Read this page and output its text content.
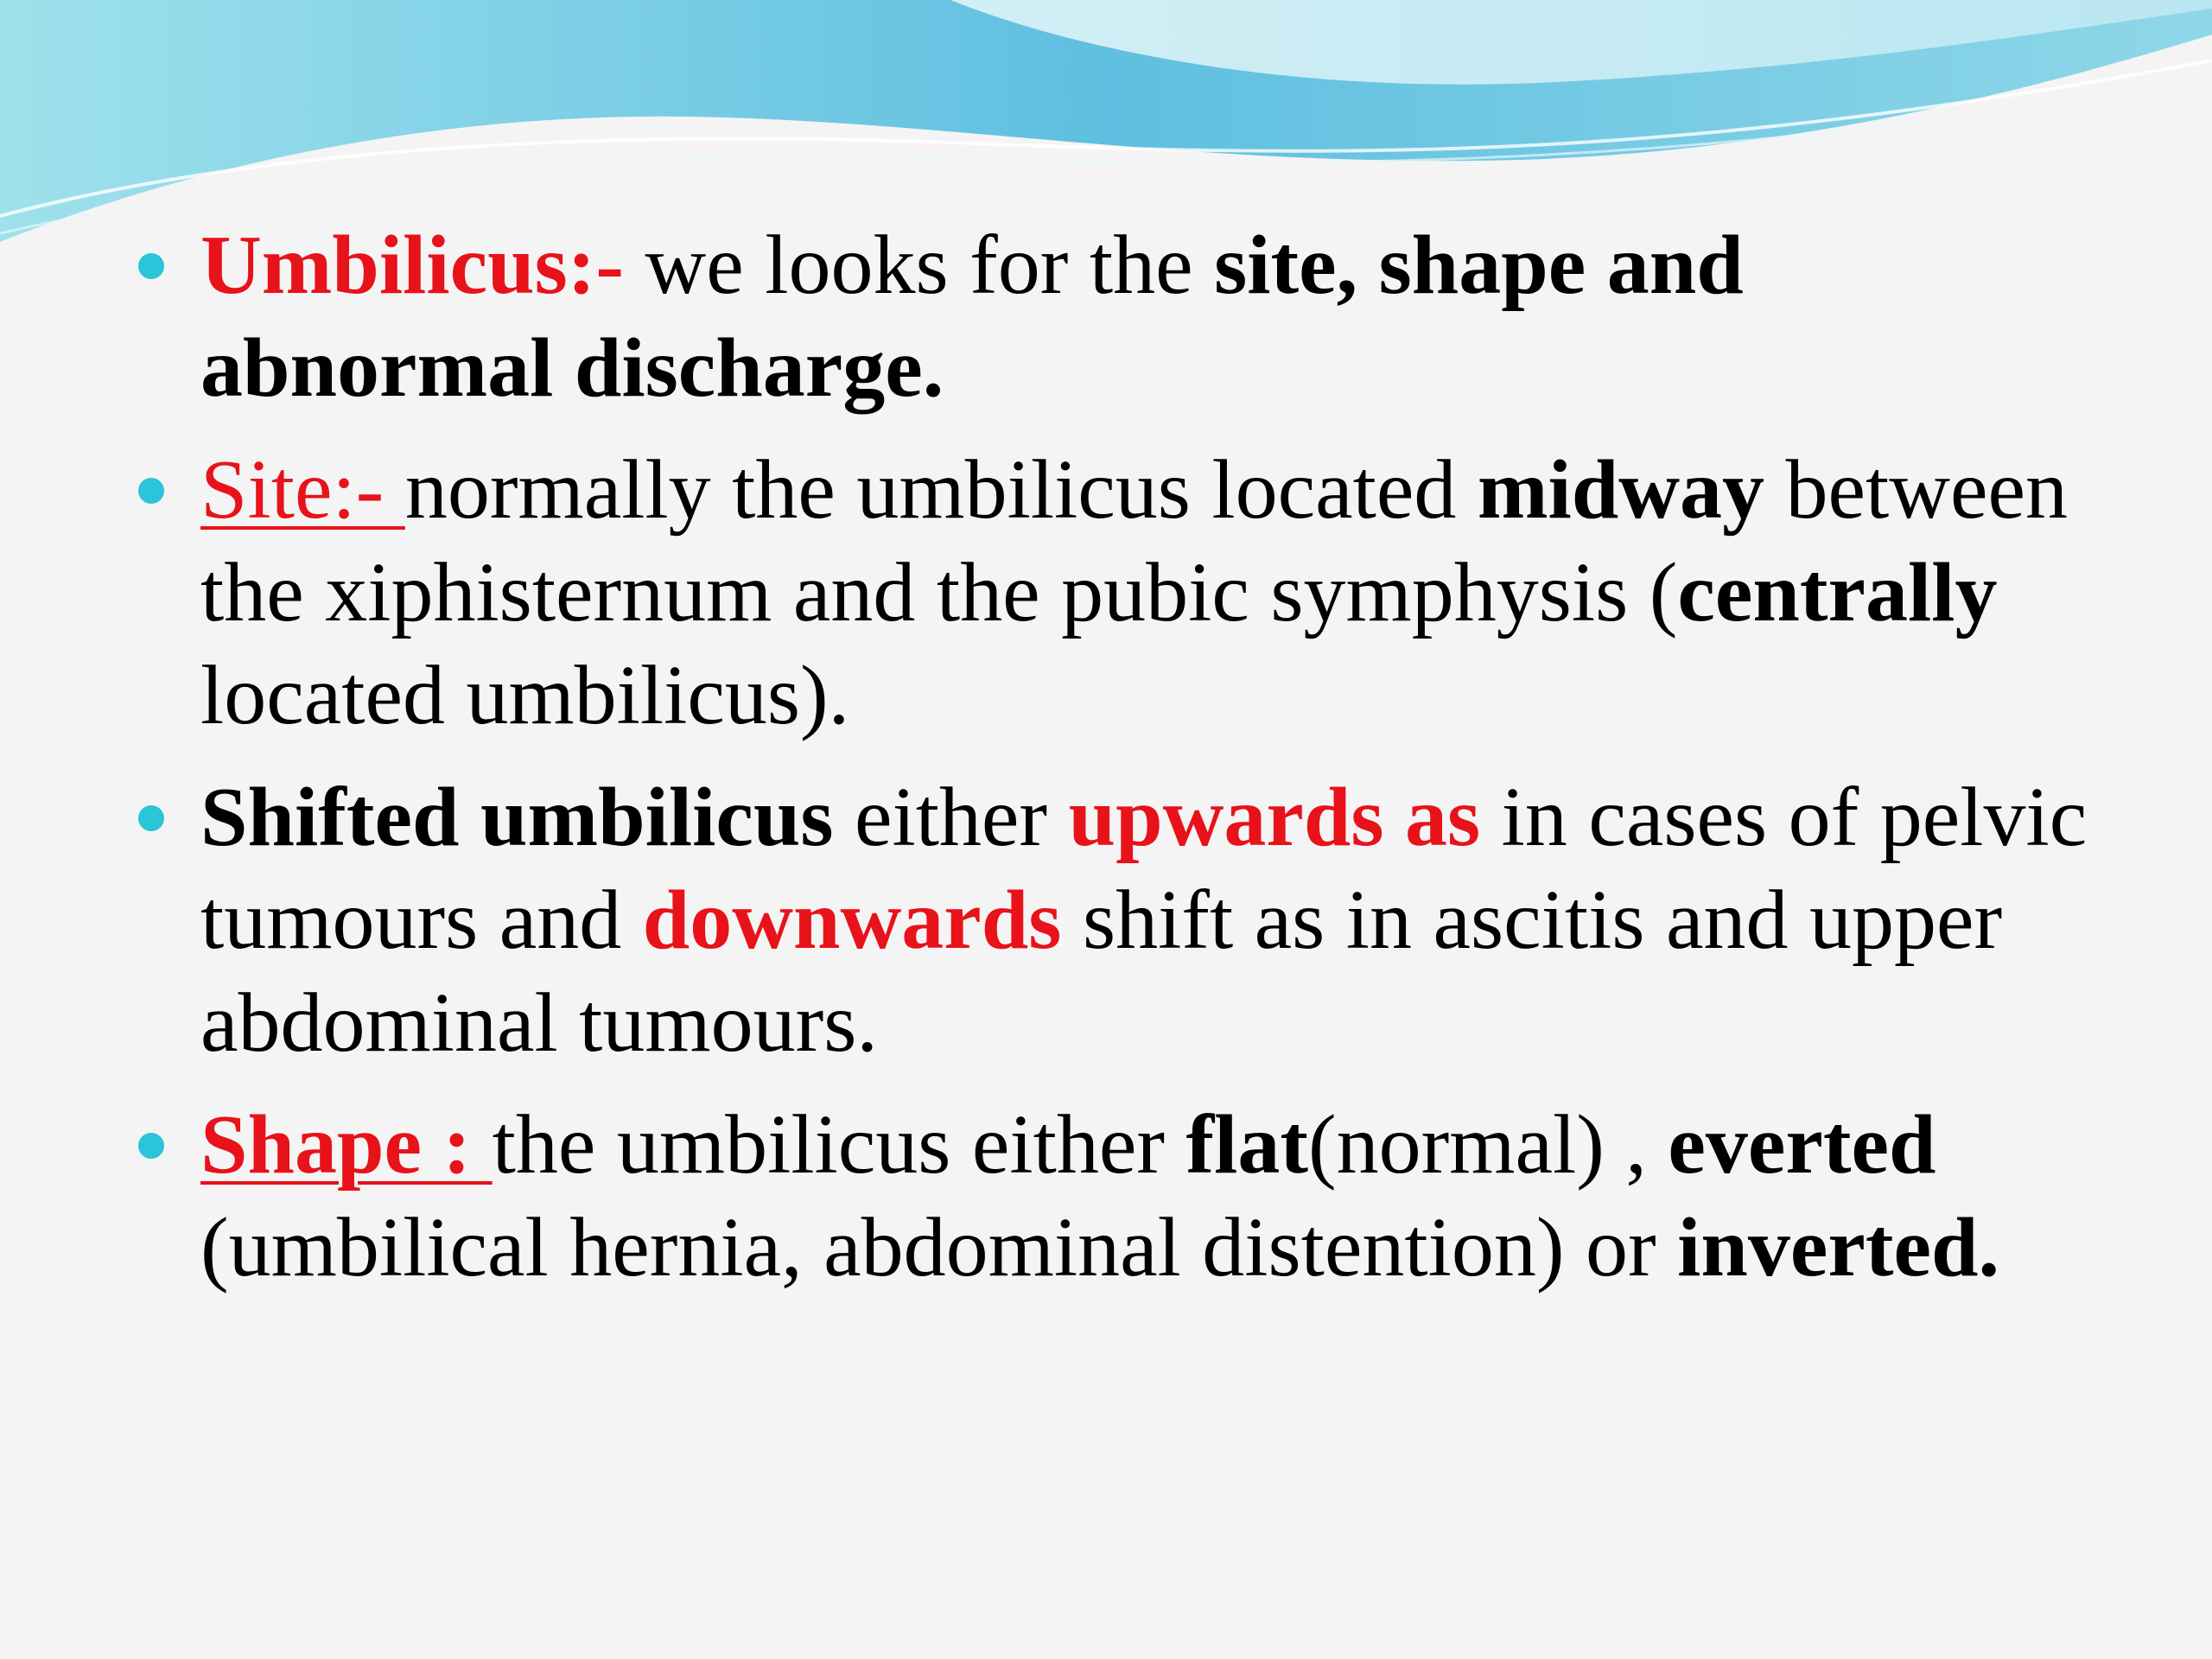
Umbilicus:- we looks for the site, shape and abnormal discharge.
Site:- normally the umbilicus located midway between the xiphisternum and the pubic symphysis (centrally located umbilicus).
Shifted umbilicus either upwards as in cases of pelvic tumours and downwards shift as in ascitis and upper abdominal tumours.
Shape : the umbilicus either flat(normal) , everted (umbilical hernia, abdominal distention) or inverted.
